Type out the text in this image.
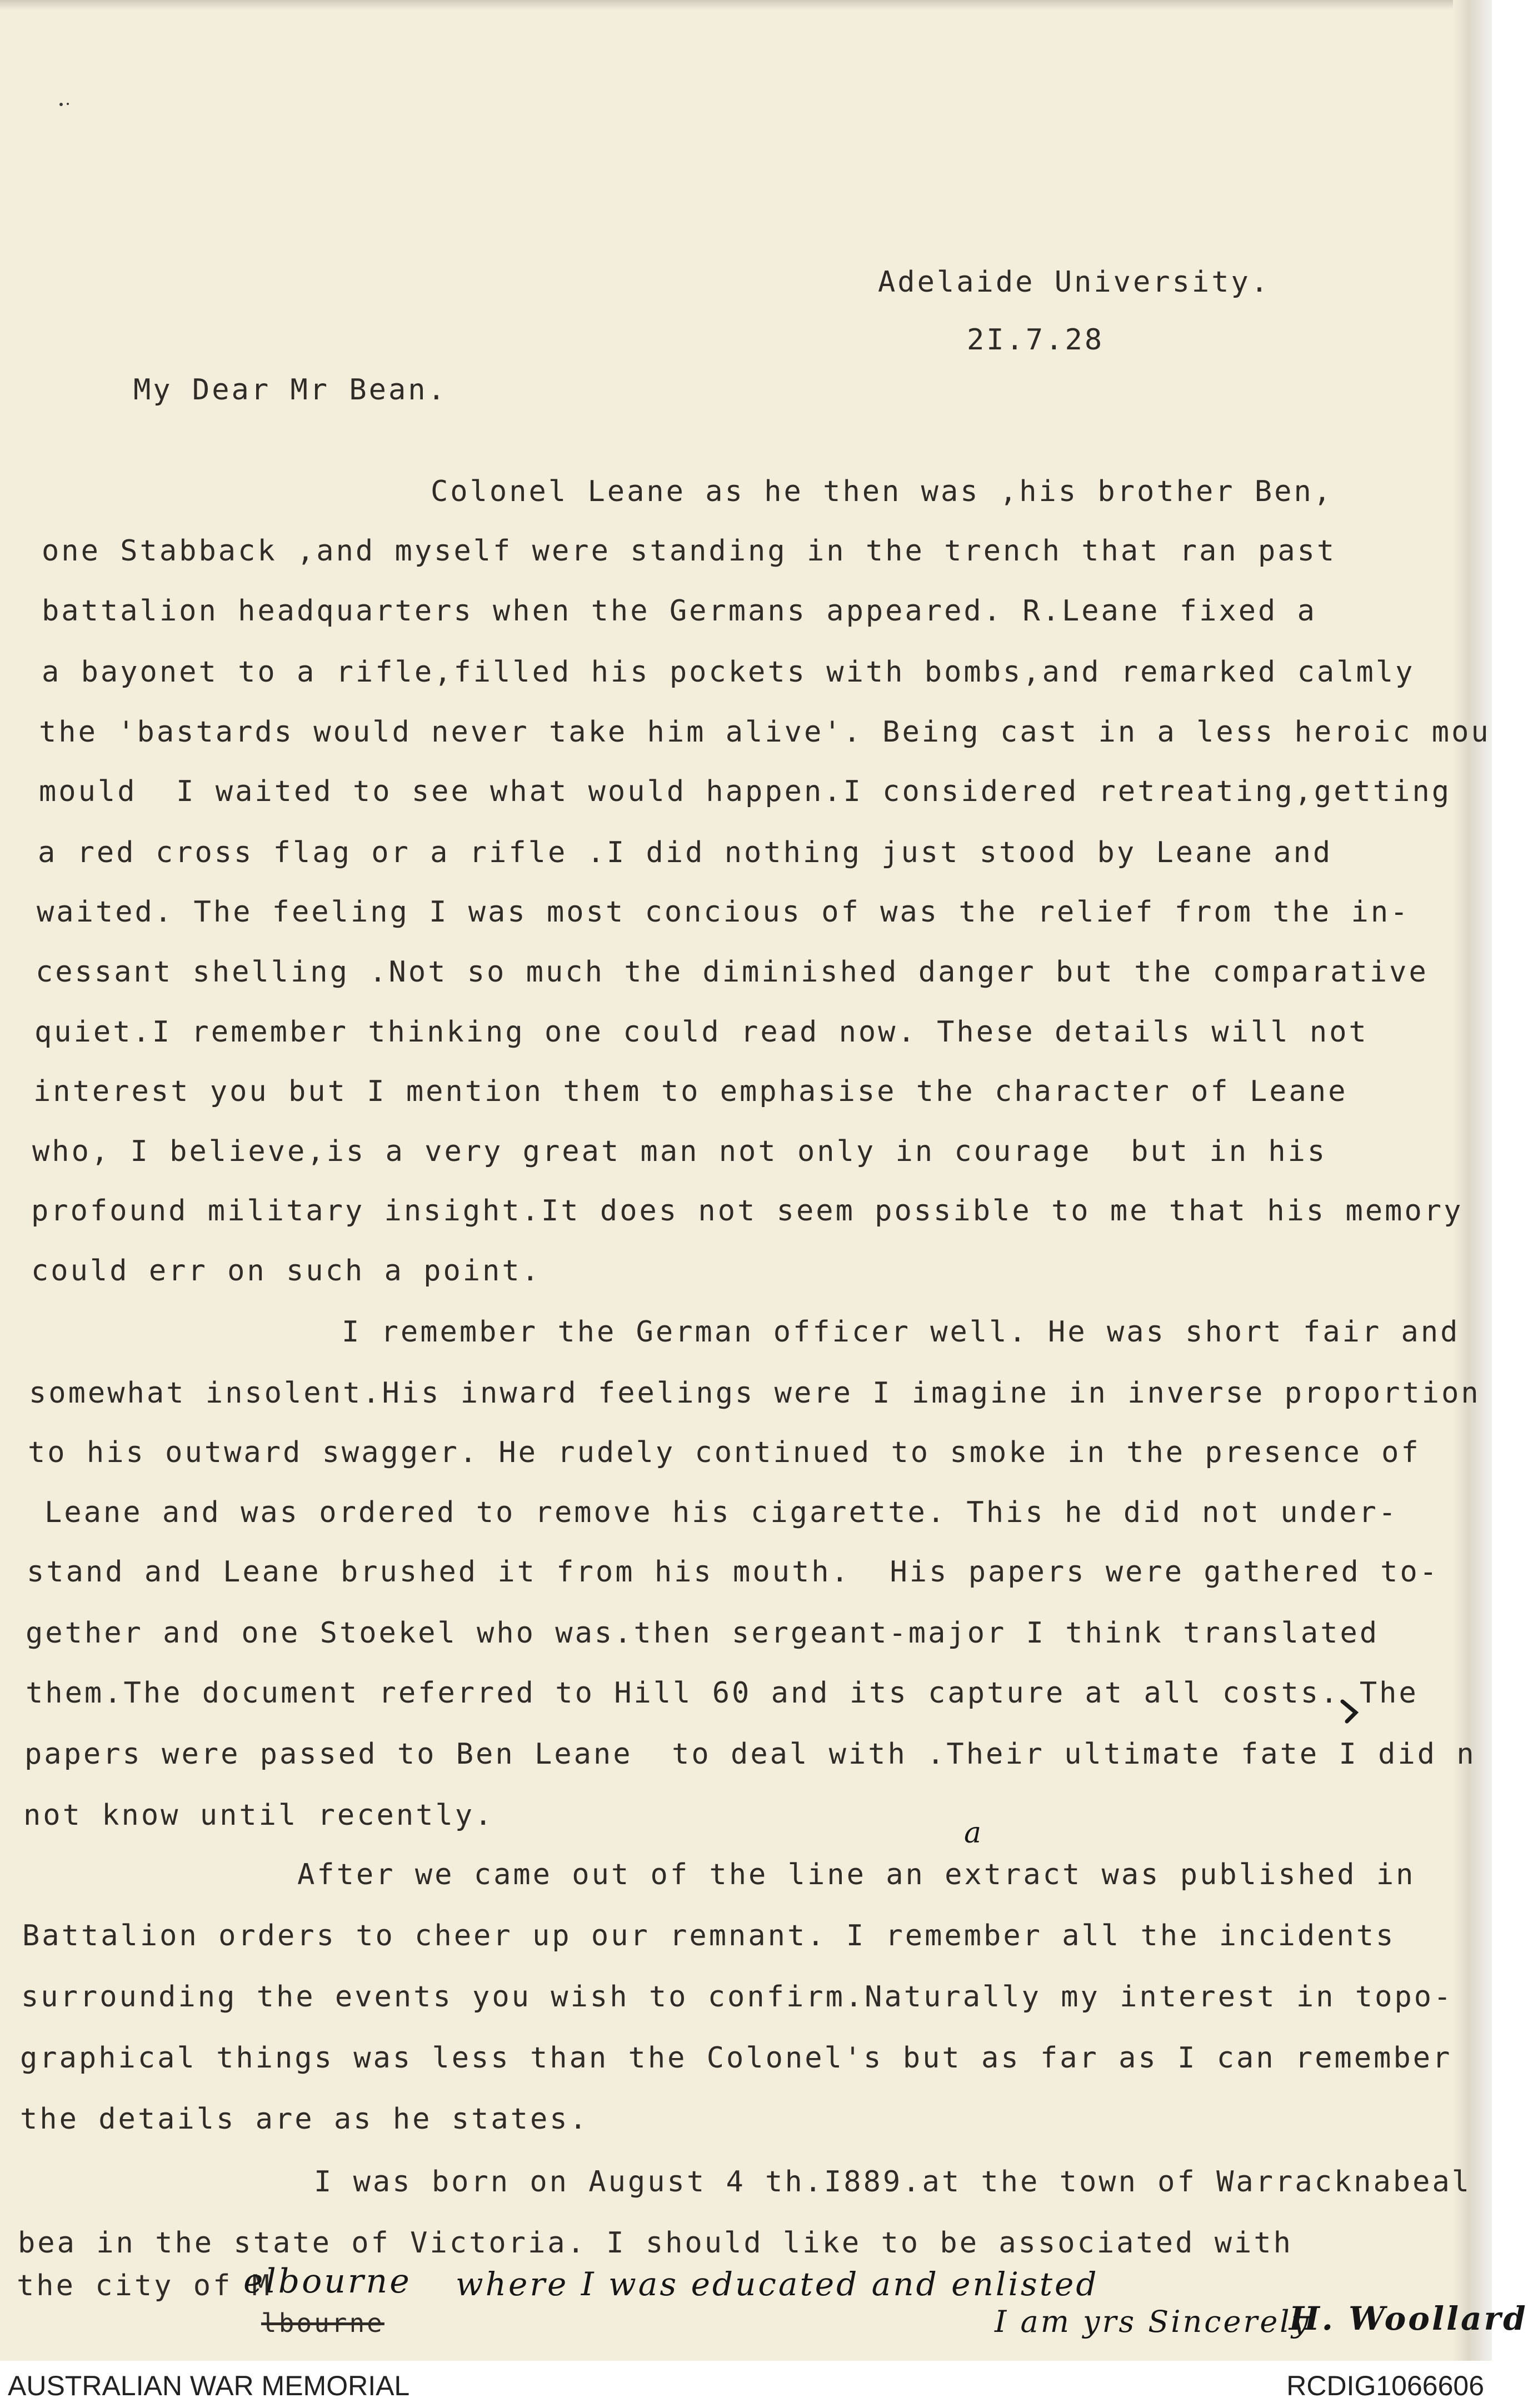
Adelaide University.
2I.7.28
My Dear Mr Bean.
Colonel Leane as he then was ,his brother Ben,
one Stabback ,and myself were standing in the trench that ran past
battalion headquarters when the Germans appeared. R.Leane fixed a
a bayonet to a rifle,filled his pockets with bombs,and remarked calmly
the 'bastards would never take him alive'. Being cast in a less heroic mou
mould  I waited to see what would happen.I considered retreating,getting
a red cross flag or a rifle .I did nothing just stood by Leane and
waited. The feeling I was most concious of was the relief from the in-
cessant shelling .Not so much the diminished danger but the comparative
quiet.I remember thinking one could read now. These details will not
interest you but I mention them to emphasise the character of Leane
who, I believe,is a very great man not only in courage  but in his
profound military insight.It does not seem possible to me that his memory
could err on such a point.
I remember the German officer well. He was short fair and
somewhat insolent.His inward feelings were I imagine in inverse proportion
to his outward swagger. He rudely continued to smoke in the presence of
Leane and was ordered to remove his cigarette. This he did not under-
stand and Leane brushed it from his mouth.  His papers were gathered to-
gether and one Stoekel who was.then sergeant-major I think translated
them.The document referred to Hill 60 and its capture at all costs. The
papers were passed to Ben Leane  to deal with .Their ultimate fate I did n
not know until recently.
After we came out of the line an extract was published in
a
Battalion orders to cheer up our remnant. I remember all the incidents
surrounding the events you wish to confirm.Naturally my interest in topo-
graphical things was less than the Colonel's but as far as I can remember
the details are as he states.
I was born on August 4 th.I889.at the town of Warracknabeal
bea in the state of Victoria. I should like to be associated with
the city of M
elbourne
lbourne
where I was educated and enlisted
I am yrs Sincerely
H. Woollard
AUSTRALIAN WAR MEMORIAL	RCDIG1066606
